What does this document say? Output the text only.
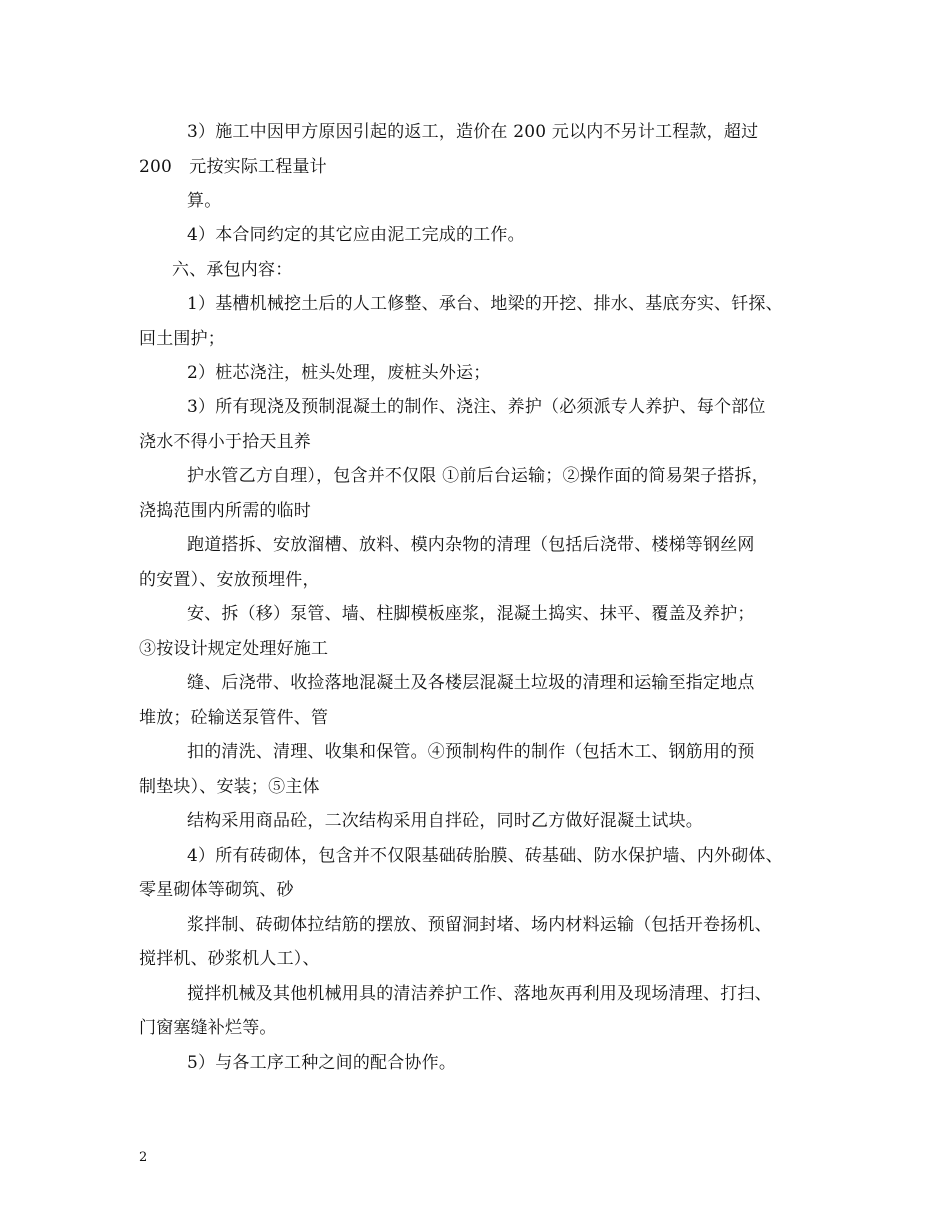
3）施工中因甲方原因引起的返工，造价在 200 元以内不另计工程款，超过
200　元按实际工程量计
算。
4）本合同约定的其它应由泥工完成的工作。
六、承包内容：
1）基槽机械挖土后的人工修整、承台、地梁的开挖、排水、基底夯实、钎探、
回土围护；
2）桩芯浇注，桩头处理，废桩头外运；
3）所有现浇及预制混凝土的制作、浇注、养护（必须派专人养护、每个部位
浇水不得小于拾天且养
护水管乙方自理），包含并不仅限 ①前后台运输；②操作面的简易架子搭拆，
浇捣范围内所需的临时
跑道搭拆、安放溜槽、放料、模内杂物的清理（包括后浇带、楼梯等钢丝网
的安置）、安放预埋件，
安、拆（移）泵管、墙、柱脚模板座浆，混凝土捣实、抹平、覆盖及养护；
③按设计规定处理好施工
缝、后浇带、收捡落地混凝土及各楼层混凝土垃圾的清理和运输至指定地点
堆放；砼输送泵管件、管
扣的清洗、清理、收集和保管。④预制构件的制作（包括木工、钢筋用的预
制垫块）、安装；⑤主体
结构采用商品砼，二次结构采用自拌砼，同时乙方做好混凝土试块。
4）所有砖砌体，包含并不仅限基础砖胎膜、砖基础、防水保护墙、内外砌体、
零星砌体等砌筑、砂
浆拌制、砖砌体拉结筋的摆放、预留洞封堵、场内材料运输（包括开卷扬机、
搅拌机、砂浆机人工）、
搅拌机械及其他机械用具的清洁养护工作、落地灰再利用及现场清理、打扫、
门窗塞缝补烂等。
5）与各工序工种之间的配合协作。
2
